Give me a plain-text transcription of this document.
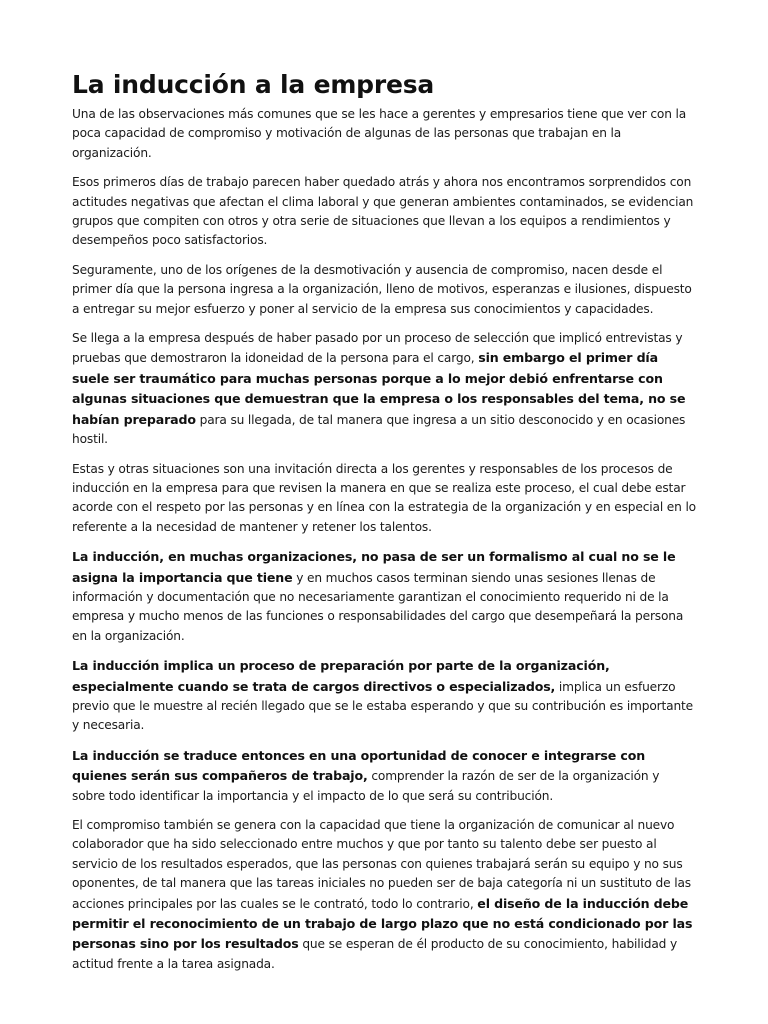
La inducción a la empresa

Una de las observaciones más comunes que se les hace a gerentes y empresarios tiene que ver con la poca capacidad de compromiso y motivación de algunas de las personas que trabajan en la organización.

Esos primeros días de trabajo parecen haber quedado atrás y ahora nos encontramos sorprendidos con actitudes negativas que afectan el clima laboral y que generan ambientes contaminados, se evidencian grupos que compiten con otros y otra serie de situaciones que llevan a los equipos a rendimientos y desempeños poco satisfactorios.

Seguramente, uno de los orígenes de la desmotivación y ausencia de compromiso, nacen desde el primer día que la persona ingresa a la organización, lleno de motivos, esperanzas e ilusiones, dispuesto a entregar su mejor esfuerzo y poner al servicio de la empresa sus conocimientos y capacidades.

Se llega a la empresa después de haber pasado por un proceso de selección que implicó entrevistas y pruebas que demostraron la idoneidad de la persona para el cargo, sin embargo el primer día suele ser traumático para muchas personas porque a lo mejor debió enfrentarse con algunas situaciones que demuestran que la empresa o los responsables del tema, no se habían preparado para su llegada, de tal manera que ingresa a un sitio desconocido y en ocasiones hostil.

Estas y otras situaciones son una invitación directa a los gerentes y responsables de los procesos de inducción en la empresa para que revisen la manera en que se realiza este proceso, el cual debe estar acorde con el respeto por las personas y en línea con la estrategia de la organización y en especial en lo referente a la necesidad de mantener y retener los talentos.

La inducción, en muchas organizaciones, no pasa de ser un formalismo al cual no se le asigna la importancia que tiene y en muchos casos terminan siendo unas sesiones llenas de información y documentación que no necesariamente garantizan el conocimiento requerido ni de la empresa y mucho menos de las funciones o responsabilidades del cargo que desempeñará la persona en la organización.

La inducción implica un proceso de preparación por parte de la organización, especialmente cuando se trata de cargos directivos o especializados, implica un esfuerzo previo que le muestre al recién llegado que se le estaba esperando y que su contribución es importante y necesaria.

La inducción se traduce entonces en una oportunidad de conocer e integrarse con quienes serán sus compañeros de trabajo, comprender la razón de ser de la organización y sobre todo identificar la importancia y el impacto de lo que será su contribución.

El compromiso también se genera con la capacidad que tiene la organización de comunicar al nuevo colaborador que ha sido seleccionado entre muchos y que por tanto su talento debe ser puesto al servicio de los resultados esperados, que las personas con quienes trabajará serán su equipo y no sus oponentes, de tal manera que las tareas iniciales no pueden ser de baja categoría ni un sustituto de las acciones principales por las cuales se le contrató, todo lo contrario, el diseño de la inducción debe permitir el reconocimiento de un trabajo de largo plazo que no está condicionado por las personas sino por los resultados que se esperan de él producto de su conocimiento, habilidad y actitud frente a la tarea asignada.
